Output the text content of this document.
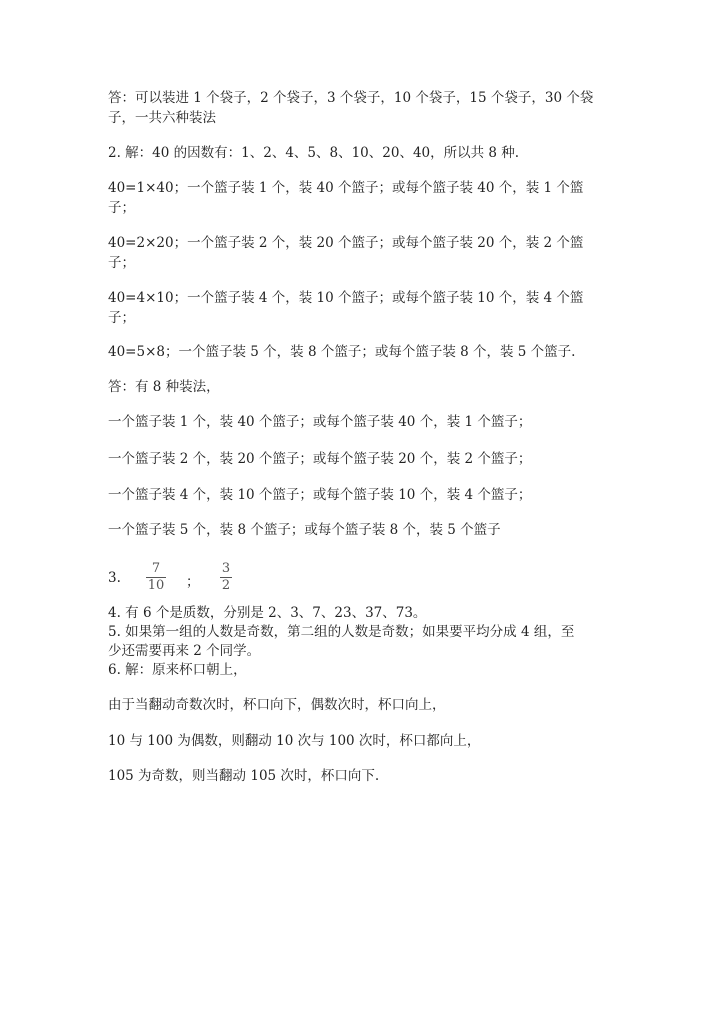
答：可以装进 1 个袋子，2 个袋子，3 个袋子，10 个袋子，15 个袋子，30 个袋
子，一共六种装法
2. 解：40 的因数有：1、2、4、5、8、10、20、40，所以共 8 种.
40=1×40；一个篮子装 1 个，装 40 个篮子；或每个篮子装 40 个，装 1 个篮
子；
40=2×20；一个篮子装 2 个，装 20 个篮子；或每个篮子装 20 个，装 2 个篮
子；
40=4×10；一个篮子装 4 个，装 10 个篮子；或每个篮子装 10 个，装 4 个篮
子；
40=5×8；一个篮子装 5 个，装 8 个篮子；或每个篮子装 8 个，装 5 个篮子.
答：有 8 种装法，
一个篮子装 1 个，装 40 个篮子；或每个篮子装 40 个，装 1 个篮子；
一个篮子装 2 个，装 20 个篮子；或每个篮子装 20 个，装 2 个篮子；
一个篮子装 4 个，装 10 个篮子；或每个篮子装 10 个，装 4 个篮子；
一个篮子装 5 个，装 8 个篮子；或每个篮子装 8 个，装 5 个篮子
3.
7
10 ；
3
2
4. 有 6 个是质数，分别是 2、3、7、23、37、73。
5. 如果第一组的人数是奇数，第二组的人数是奇数；如果要平均分成 4 组，至
少还需要再来 2 个同学。
6. 解：原来杯口朝上，
由于当翻动奇数次时，杯口向下，偶数次时，杯口向上，
10 与 100 为偶数，则翻动 10 次与 100 次时，杯口都向上，
105 为奇数，则当翻动 105 次时，杯口向下.
